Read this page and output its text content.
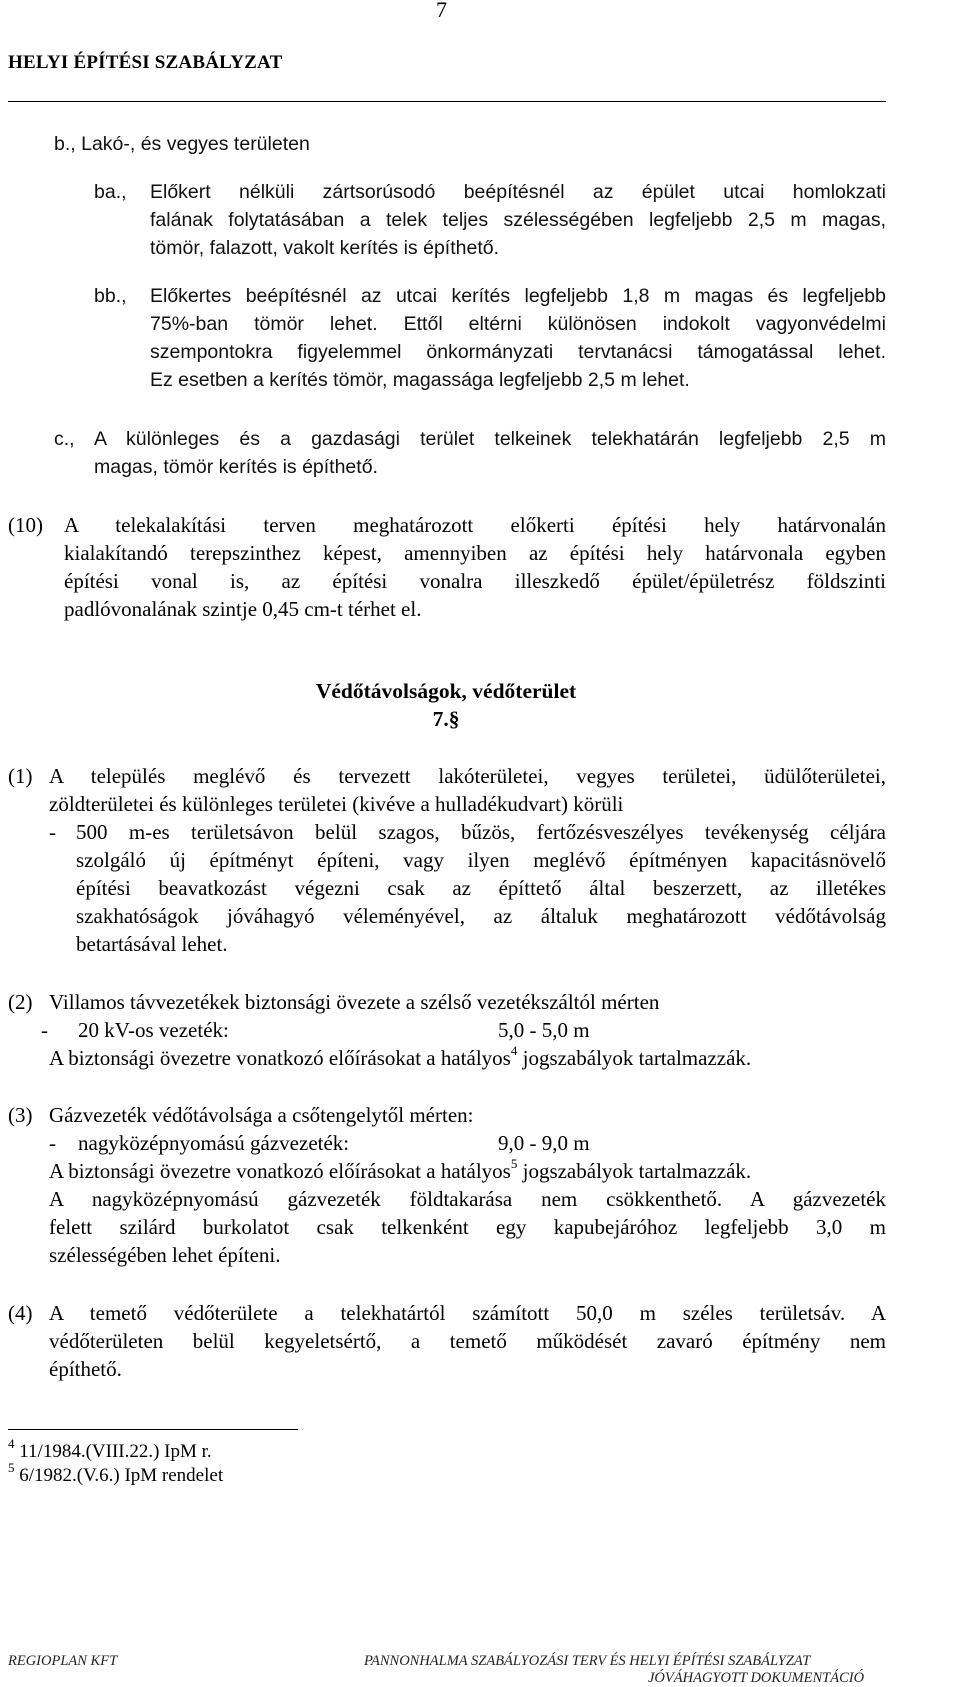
7
HELYI ÉPÍTÉSI SZABÁLYZAT
b., Lakó-, és vegyes területen
ba., Előkert nélküli zártsorúsodó beépítésnél az épület utcai homlokzati
falának folytatásában a telek teljes szélességében legfeljebb 2,5 m magas,
tömör, falazott, vakolt kerítés is építhető.
bb., Előkertes beépítésnél az utcai kerítés legfeljebb 1,8 m magas és legfeljebb
75%-ban tömör lehet. Ettől eltérni különösen indokolt vagyonvédelmi
szempontokra figyelemmel önkormányzati tervtanácsi támogatással lehet.
Ez esetben a kerítés tömör, magassága legfeljebb 2,5 m lehet.
c., A különleges és a gazdasági terület telkeinek telekhatárán legfeljebb 2,5 m
magas, tömör kerítés is építhető.
(10) A telekalakítási terven meghatározott előkerti építési hely határvonalán
kialakítandó terepszinthez képest, amennyiben az építési hely határvonala egyben
építési vonal is, az építési vonalra illeszkedő épület/épületrész földszinti
padlóvonalának szintje 0,45 cm-t térhet el.
Védőtávolságok, védőterület
7.§
(1) A település meglévő és tervezett lakóterületei, vegyes területei, üdülőterületei,
zöldterületei és különleges területei (kivéve a hulladékudvart) körüli
- 500 m-es területsávon belül szagos, bűzös, fertőzésveszélyes tevékenység céljára
szolgáló új építményt építeni, vagy ilyen meglévő építményen kapacitásnövelő
építési beavatkozást végezni csak az építtető által beszerzett, az illetékes
szakhatóságok jóváhagyó véleményével, az általuk meghatározott védőtávolság
betartásával lehet.
(2) Villamos távvezetékek biztonsági övezete a szélső vezetékszáltól mérten
- 20 kV-os vezeték:	5,0 - 5,0 m
A biztonsági övezetre vonatkozó előírásokat a hatályos$^4$ jogszabályok tartalmazzák.
(3) Gázvezeték védőtávolsága a csőtengelytől mérten:
- nagyközépnyomású gázvezeték:	9,0 - 9,0 m
A biztonsági övezetre vonatkozó előírásokat a hatályos$^5$ jogszabályok tartalmazzák.
A nagyközépnyomású gázvezeték földtakarása nem csökkenthető. A gázvezeték
felett szilárd burkolatot csak telkenként egy kapubejáróhoz legfeljebb 3,0 m
szélességében lehet építeni.
(4) A temető védőterülete a telekhatártól számított 50,0 m széles területsáv. A
védőterületen belül kegyeletsértő, a temető működését zavaró építmény nem
építhető.
$^4$ 11/1984.(VIII.22.) IpM r.
$^5$ 6/1982.(V.6.) IpM rendelet
REGIOPLAN KFT	PANNONHALMA SZABÁLYOZÁSI TERV ÉS HELYI ÉPÍTÉSI SZABÁLYZAT
JÓVÁHAGYOTT DOKUMENTÁCIÓ
